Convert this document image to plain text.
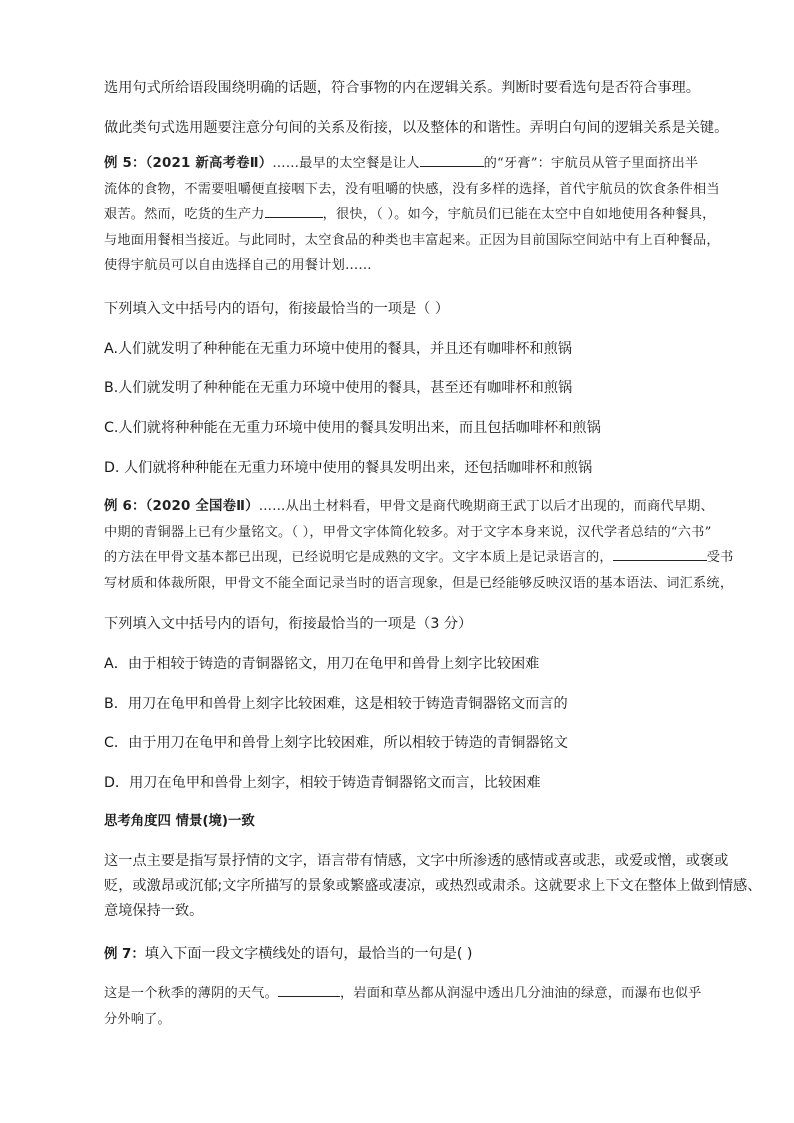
选用句式所给语段围绕明确的话题，符合事物的内在逻辑关系。判断时要看选句是否符合事理。

做此类句式选用题要注意分句间的关系及衔接，以及整体的和谐性。弄明白句间的逻辑关系是关键。

例 5：（2021 新高考卷Ⅱ）……最早的太空餐是让人	的“牙膏”：宇航员从管子里面挤出半
流体的食物，不需要咀嚼便直接咽下去，没有咀嚼的快感，没有多样的选择，首代宇航员的饮食条件相当
艰苦。然而，吃货的生产力	，很快，（ ）。如今，宇航员们已能在太空中自如地使用各种餐具，
与地面用餐相当接近。与此同时，太空食品的种类也丰富起来。正因为目前国际空间站中有上百种餐品，
使得宇航员可以自由选择自己的用餐计划……

下列填入文中括号内的语句，衔接最恰当的一项是（ ）

A.人们就发明了种种能在无重力环境中使用的餐具，并且还有咖啡杯和煎锅

B.人们就发明了种种能在无重力环境中使用的餐具，甚至还有咖啡杯和煎锅

C.人们就将种种能在无重力环境中使用的餐具发明出来，而且包括咖啡杯和煎锅

D. 人们就将种种能在无重力环境中使用的餐具发明出来，还包括咖啡杯和煎锅

例 6：（2020 全国卷Ⅱ）……从出土材料看，甲骨文是商代晚期商王武丁以后才出现的，而商代早期、
中期的青铜器上已有少量铭文。（ ），甲骨文字体简化较多。对于文字本身来说，汉代学者总结的“六书”
的方法在甲骨文基本都已出现，已经说明它是成熟的文字。文字本质上是记录语言的，	受书
写材质和体裁所限，甲骨文不能全面记录当时的语言现象，但是已经能够反映汉语的基本语法、词汇系统，

下列填入文中括号内的语句，衔接最恰当的一项是（3 分）

A．由于相较于铸造的青铜器铭文，用刀在龟甲和兽骨上刻字比较困难

B．用刀在龟甲和兽骨上刻字比较困难，这是相较于铸造青铜器铭文而言的

C．由于用刀在龟甲和兽骨上刻字比较困难，所以相较于铸造的青铜器铭文

D．用刀在龟甲和兽骨上刻字，相较于铸造青铜器铭文而言，比较困难

思考角度四 情景(境)一致

这一点主要是指写景抒情的文字，语言带有情感，文字中所渗透的感情或喜或悲，或爱或憎，或褒或
贬，或激昂或沉郁;文字所描写的景象或繁盛或凄凉，或热烈或肃杀。这就要求上下文在整体上做到情感、
意境保持一致。

例 7：填入下面一段文字横线处的语句，最恰当的一句是( )

这是一个秋季的薄阴的天气。	，岩面和草丛都从润湿中透出几分油油的绿意，而瀑布也似乎
分外响了。
